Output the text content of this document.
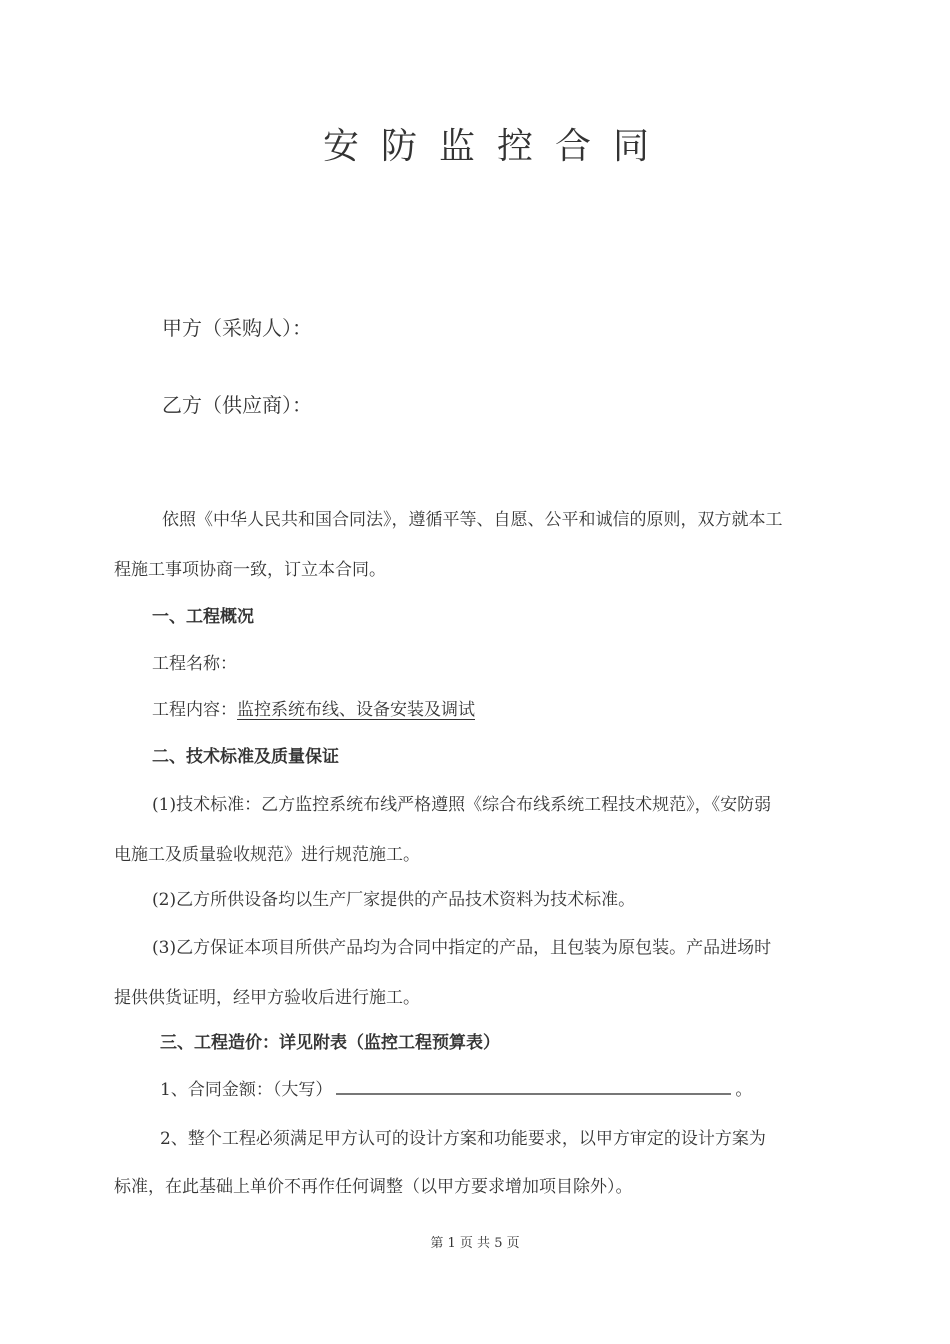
安防监控合同
甲方（采购人）：
乙方（供应商）：
依照《中华人民共和国合同法》，遵循平等、自愿、公平和诚信的原则，双方就本工
程施工事项协商一致，订立本合同。
一、工程概况
工程名称：
工程内容：监控系统布线、设备安装及调试
二、技术标准及质量保证
(1)技术标准：乙方监控系统布线严格遵照《综合布线系统工程技术规范》，《安防弱
电施工及质量验收规范》进行规范施工。
(2)乙方所供设备均以生产厂家提供的产品技术资料为技术标准。
(3)乙方保证本项目所供产品均为合同中指定的产品，且包装为原包装。产品进场时
提供供货证明，经甲方验收后进行施工。
三、工程造价：详见附表（监控工程预算表）
1、合同金额：（大写）	。
2、整个工程必须满足甲方认可的设计方案和功能要求，以甲方审定的设计方案为
标准，在此基础上单价不再作任何调整（以甲方要求增加项目除外）。
第 1 页 共 5 页
